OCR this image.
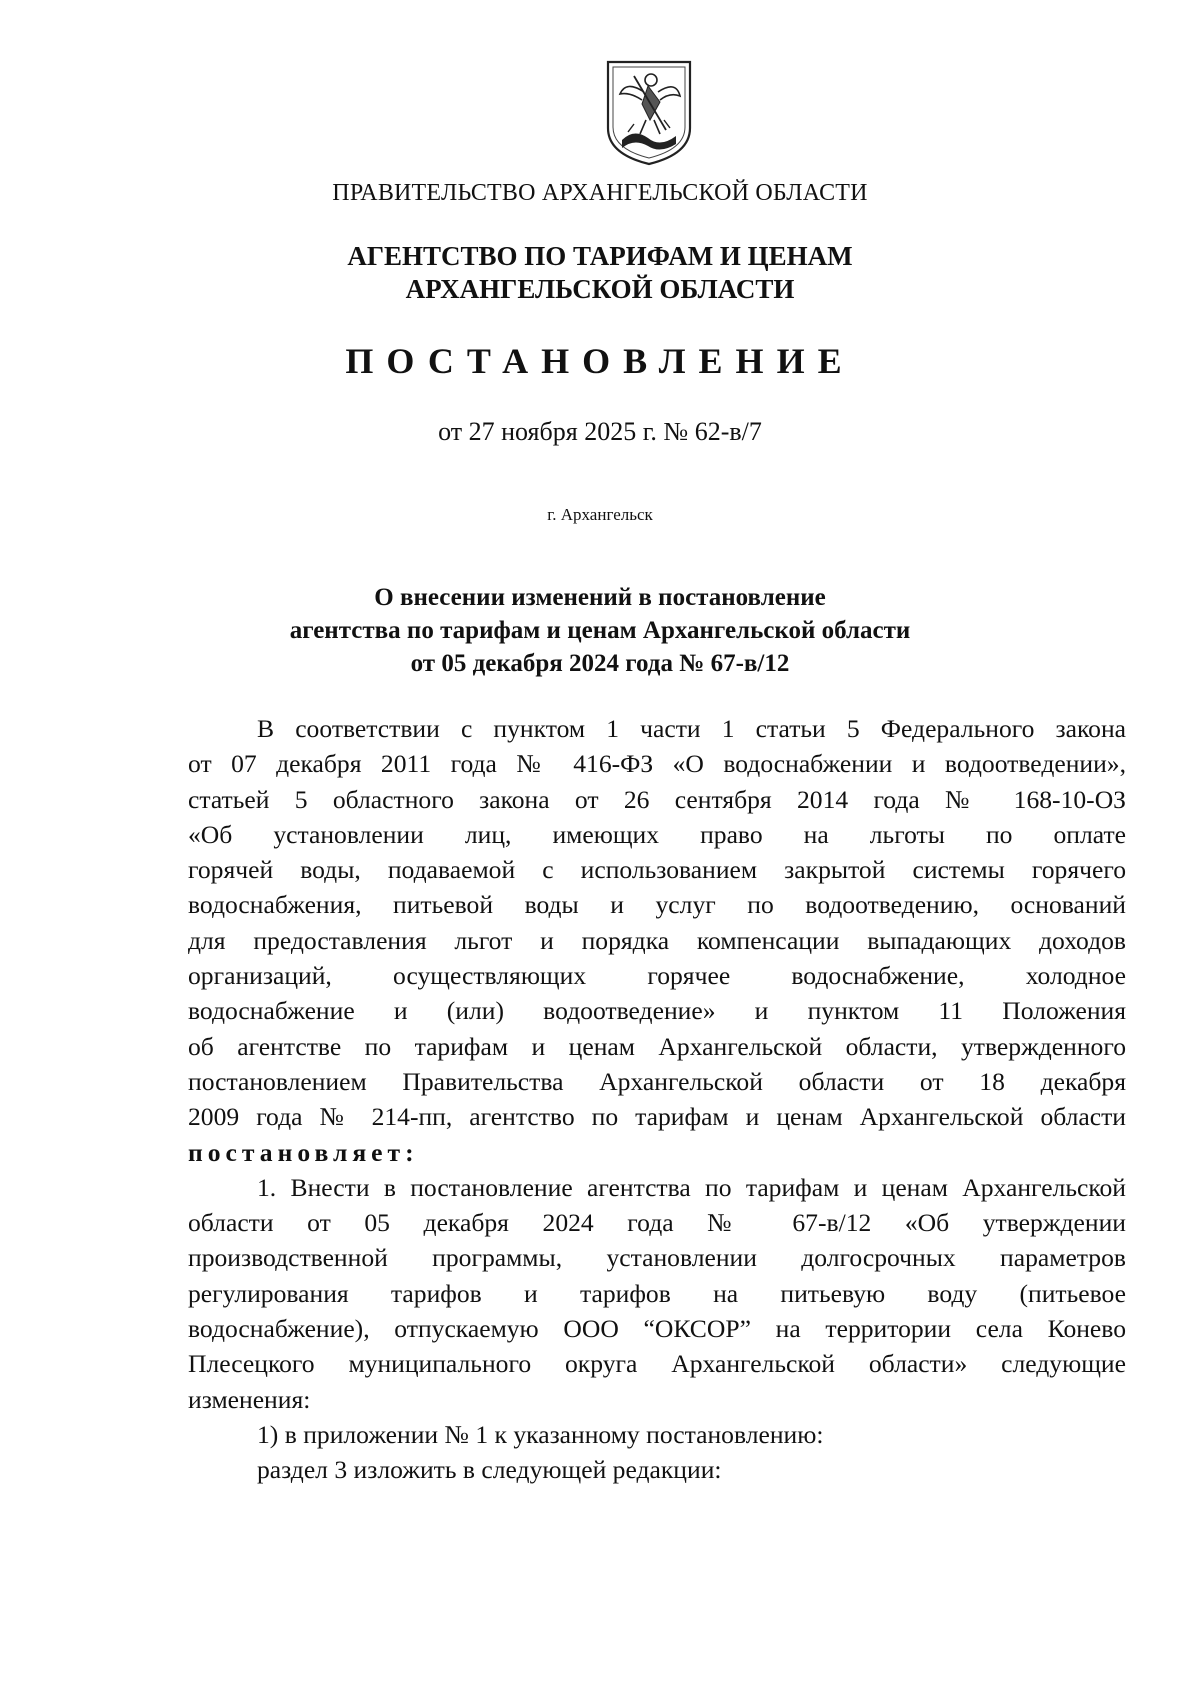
ПРАВИТЕЛЬСТВО АРХАНГЕЛЬСКОЙ ОБЛАСТИ
АГЕНТСТВО ПО ТАРИФАМ И ЦЕНАМ
АРХАНГЕЛЬСКОЙ ОБЛАСТИ
ПОСТАНОВЛЕНИЕ
от 27 ноября 2025 г. № 62-в/7
г. Архангельск
О внесении изменений в постановление
агентства по тарифам и ценам Архангельской области
от 05 декабря 2024 года № 67-в/12
В соответствии с пунктом 1 части 1 статьи 5 Федерального закона
от 07 декабря 2011 года № 416-ФЗ «О водоснабжении и водоотведении»,
статьей 5 областного закона от 26 сентября 2014 года № 168-10-ОЗ
«Об установлении лиц, имеющих право на льготы по оплате
горячей воды, подаваемой с использованием закрытой системы горячего
водоснабжения, питьевой воды и услуг по водоотведению, оснований
для предоставления льгот и порядка компенсации выпадающих доходов
организаций, осуществляющих горячее водоснабжение, холодное
водоснабжение и (или) водоотведение» и пунктом 11 Положения
об агентстве по тарифам и ценам Архангельской области, утвержденного
постановлением Правительства Архангельской области от 18 декабря
2009 года № 214-пп, агентство по тарифам и ценам Архангельской области
постановляет:
1. Внести в постановление агентства по тарифам и ценам Архангельской
области от 05 декабря 2024 года № 67-в/12 «Об утверждении
производственной программы, установлении долгосрочных параметров
регулирования тарифов и тарифов на питьевую воду (питьевое
водоснабжение), отпускаемую ООО “ОКСОР” на территории села Конево
Плесецкого муниципального округа Архангельской области» следующие
изменения:
1) в приложении № 1 к указанному постановлению:
раздел 3 изложить в следующей редакции:
